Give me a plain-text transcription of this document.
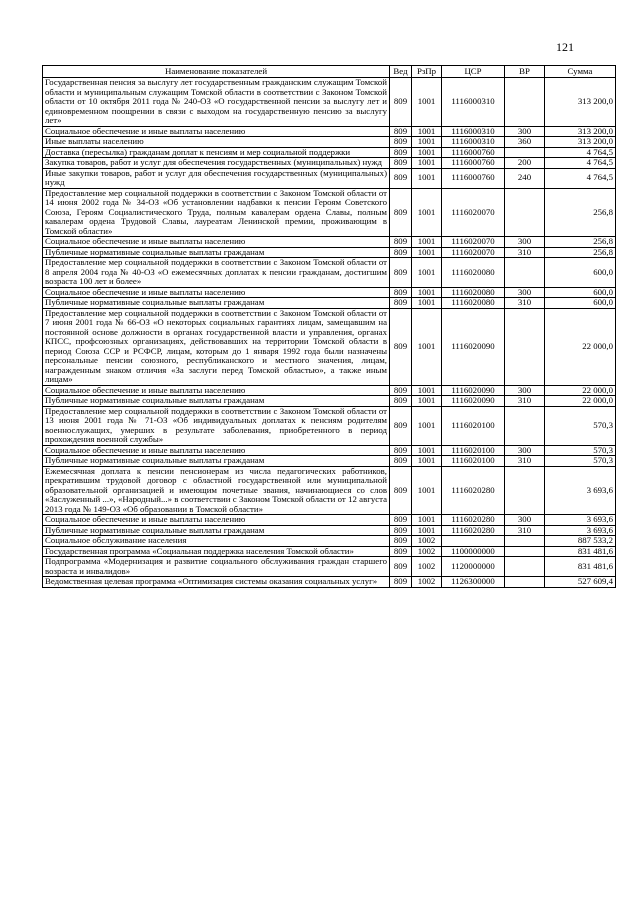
121
Наименование показателей	Вед	РзПр	ЦСР	ВР	Сумма
Государственная пенсия за выслугу лет государственным гражданским служащим Томской области и муниципальным служащим Томской области в соответствии с Законом Томской области от 10 октября 2011 года № 240-ОЗ «О государственной пенсии за выслугу лет и единовременном поощрении в связи с выходом на государственную пенсию за выслугу лет»	809	1001	1116000310		313 200,0
Социальное обеспечение и иные выплаты населению	809	1001	1116000310	300	313 200,0
Иные выплаты населению	809	1001	1116000310	360	313 200,0
Доставка (пересылка) гражданам доплат к пенсиям и мер социальной поддержки	809	1001	1116000760		4 764,5
Закупка товаров, работ и услуг для обеспечения государственных (муниципальных) нужд	809	1001	1116000760	200	4 764,5
Иные закупки товаров, работ и услуг для обеспечения государственных (муниципальных) нужд	809	1001	1116000760	240	4 764,5
Предоставление мер социальной поддержки в соответствии с Законом Томской области от 14 июня 2002 года № 34-ОЗ «Об установлении надбавки к пенсии Героям Советского Союза, Героям Социалистического Труда, полным кавалерам ордена Славы, полным кавалерам ордена Трудовой Славы, лауреатам Ленинской премии, проживающим в Томской области»	809	1001	1116020070		256,8
Социальное обеспечение и иные выплаты населению	809	1001	1116020070	300	256,8
Публичные нормативные социальные выплаты гражданам	809	1001	1116020070	310	256,8
Предоставление мер социальной поддержки в соответствии с Законом Томской области от 8 апреля 2004 года № 40-ОЗ «О ежемесячных доплатах к пенсии гражданам, достигшим возраста 100 лет и более»	809	1001	1116020080		600,0
Социальное обеспечение и иные выплаты населению	809	1001	1116020080	300	600,0
Публичные нормативные социальные выплаты гражданам	809	1001	1116020080	310	600,0
Предоставление мер социальной поддержки в соответствии с Законом Томской области от 7 июня 2001 года № 66-ОЗ «О некоторых социальных гарантиях лицам, замещавшим на постоянной основе должности в органах государственной власти и управления, органах КПСС, профсоюзных организациях, действовавших на территории Томской области в период Союза ССР и РСФСР, лицам, которым до 1 января 1992 года были назначены персональные пенсии союзного, республиканского и местного значения, лицам, награжденным знаком отличия «За заслуги перед Томской областью», а также иным лицам»	809	1001	1116020090		22 000,0
Социальное обеспечение и иные выплаты населению	809	1001	1116020090	300	22 000,0
Публичные нормативные социальные выплаты гражданам	809	1001	1116020090	310	22 000,0
Предоставление мер социальной поддержки в соответствии с Законом Томской области от 13 июня 2001 года № 71-ОЗ «Об индивидуальных доплатах к пенсиям родителям военнослужащих, умерших в результате заболевания, приобретенного в период прохождения военной службы»	809	1001	1116020100		570,3
Социальное обеспечение и иные выплаты населению	809	1001	1116020100	300	570,3
Публичные нормативные социальные выплаты гражданам	809	1001	1116020100	310	570,3
Ежемесячная доплата к пенсии пенсионерам из числа педагогических работников, прекратившим трудовой договор с областной государственной или муниципальной образовательной организацией и имеющим почетные звания, начинающиеся со слов «Заслуженный ...», «Народный...» в соответствии с Законом Томской области от 12 августа 2013 года № 149-ОЗ «Об образовании в Томской области»	809	1001	1116020280		3 693,6
Социальное обеспечение и иные выплаты населению	809	1001	1116020280	300	3 693,6
Публичные нормативные социальные выплаты гражданам	809	1001	1116020280	310	3 693,6
Социальное обслуживание населения	809	1002			887 533,2
Государственная программа «Социальная поддержка населения Томской области»	809	1002	1100000000		831 481,6
Подпрограмма «Модернизация и развитие социального обслуживания граждан старшего возраста и инвалидов»	809	1002	1120000000		831 481,6
Ведомственная целевая программа «Оптимизация системы оказания социальных услуг»	809	1002	1126300000		527 609,4
